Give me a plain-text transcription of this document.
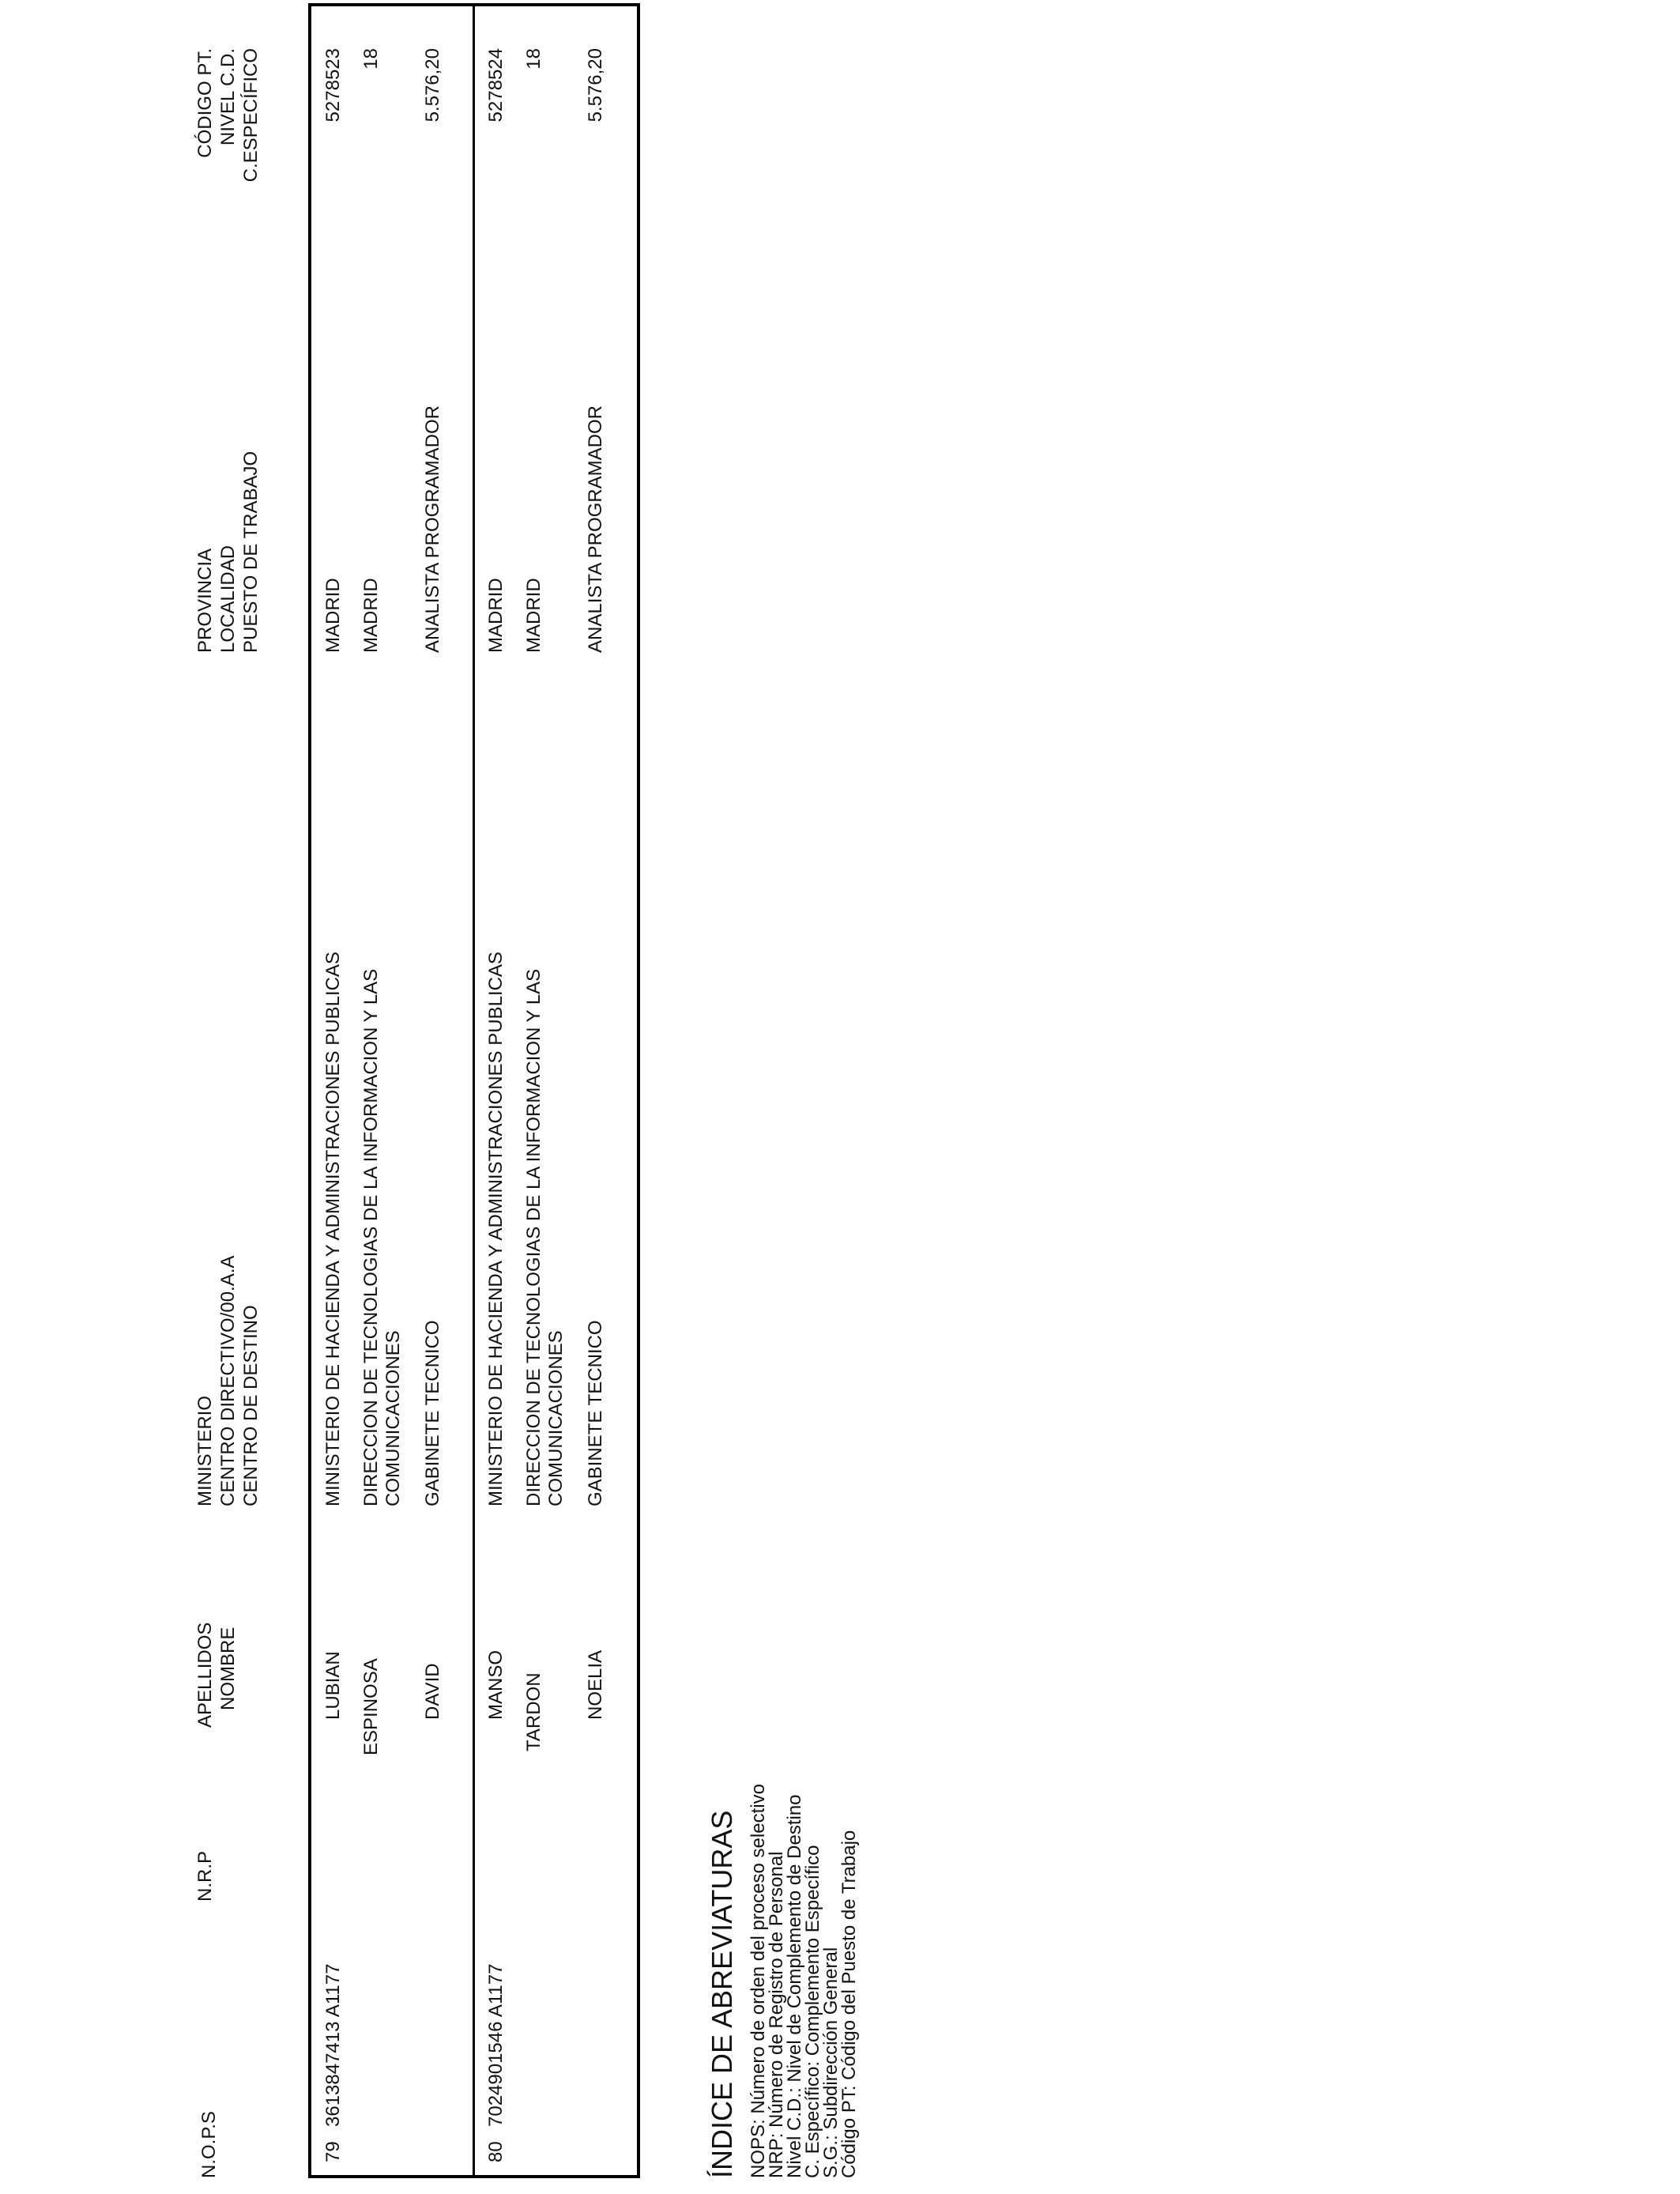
N.O.P.S
N.R.P
APELLIDOS NOMBRE
MINISTERIO CENTRO DIRECTIVO/00.A.A CENTRO DE DESTINO
PROVINCIA LOCALIDAD PUESTO DE TRABAJO
CÓDIGO PT. NIVEL C.D. C.ESPECÍFICO
79
3613847413 A1177
LUBIAN ESPINOSA DAVID
MINISTERIO DE HACIENDA Y ADMINISTRACIONES PUBLICAS DIRECCION DE TECNOLOGIAS DE LA INFORMACION Y LAS COMUNICACIONES GABINETE TECNICO
MADRID MADRID ANALISTA PROGRAMADOR
5278523 18 5.576,20
80
7024901546 A1177
MANSO TARDON NOELIA
MINISTERIO DE HACIENDA Y ADMINISTRACIONES PUBLICAS DIRECCION DE TECNOLOGIAS DE LA INFORMACION Y LAS COMUNICACIONES GABINETE TECNICO
MADRID MADRID ANALISTA PROGRAMADOR
5278524 18 5.576,20
ÍNDICE DE ABREVIATURAS NOPS: Número de orden del proceso selectivo
NRP: Número de Registro de Personal
Nivel C.D.: Nivel de Complemento de Destino
C. Específico: Complemento Específico
S.G.: Subdirección General
Código PT: Código del Puesto de Trabajo
